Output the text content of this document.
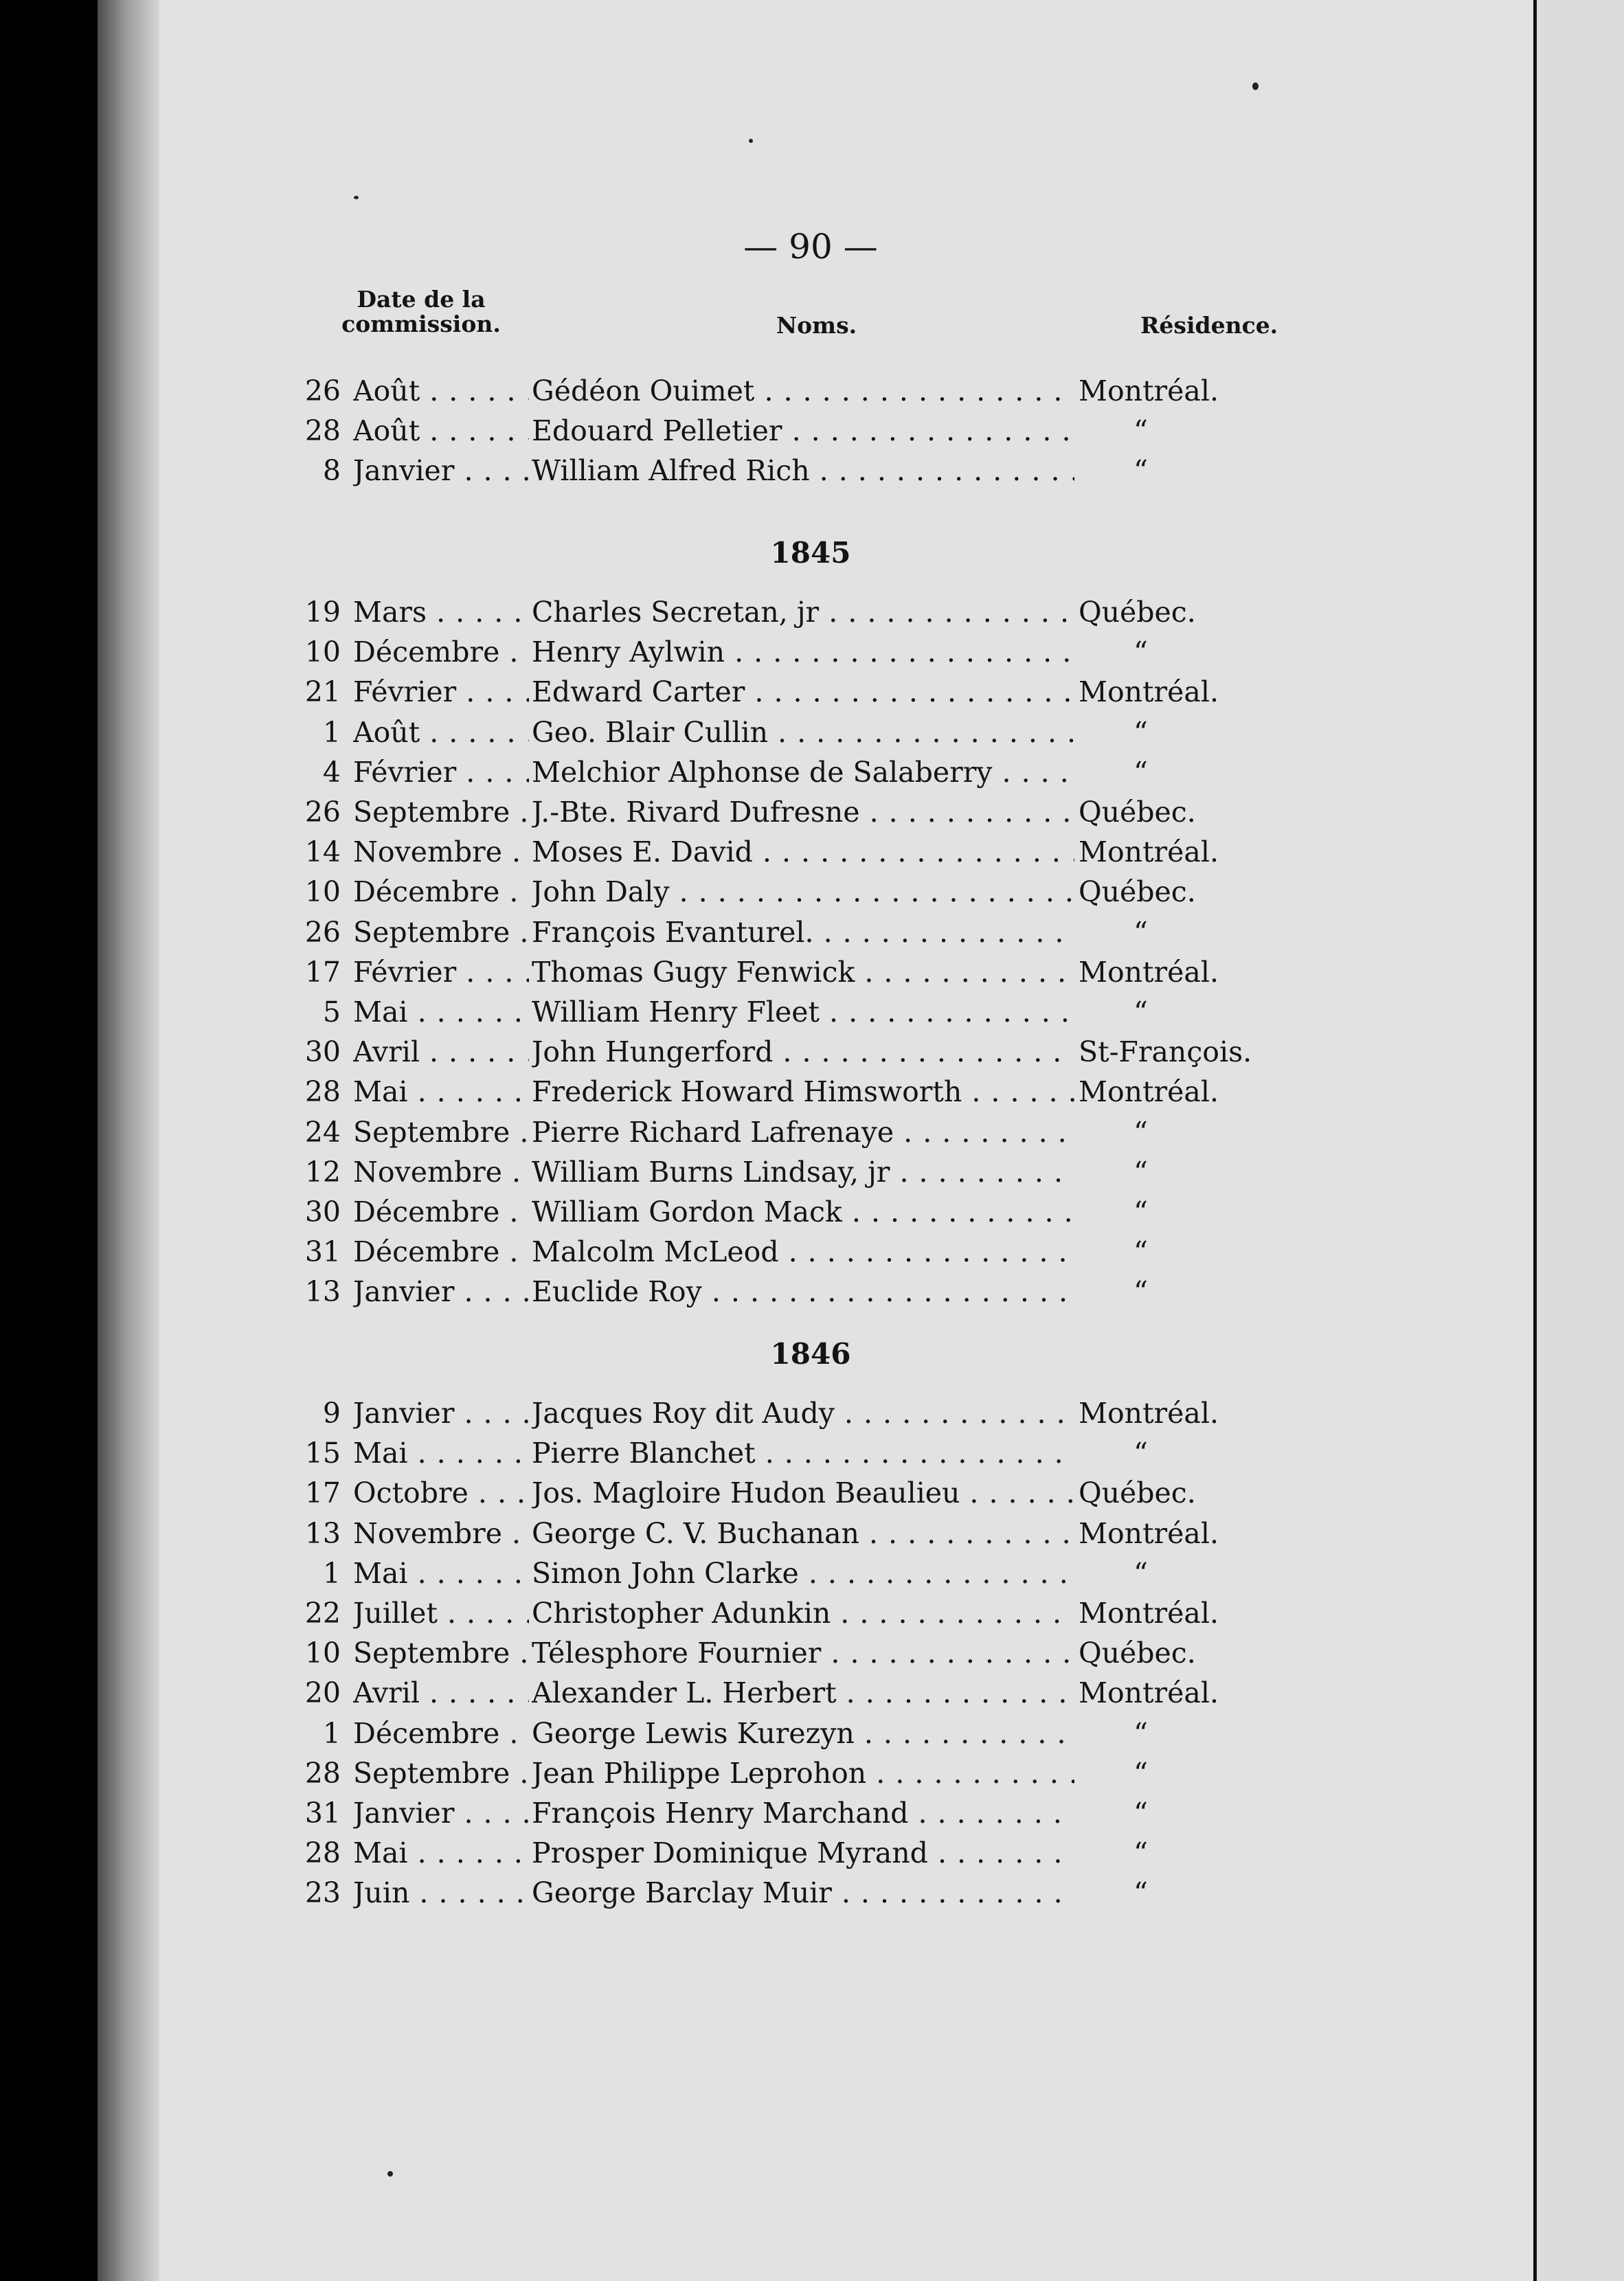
— 90 —
Date de la
commission.	Noms.	Résidence.
26 Août . . .	Gédéon Ouimet . . .	Montréal.
28 Août . . .	Edouard Pelletier . . .	“
8 Janvier . . .	William Alfred Rich . . .	“
1845
19 Mars . . .	Charles Secretan, jr . . .	Québec.
10 Décembre . . .	Henry Aylwin . . .	“
21 Février . . .	Edward Carter . . .	Montréal.
1 Août . . .	Geo. Blair Cullin . . .	“
4 Février . . .	Melchior Alphonse de Salaberry . . .	“
26 Septembre . . . J.-Bte. Rivard Dufresne . . .	Québec.
14 Novembre . . .	Moses E. David . . .	Montréal.
10 Décembre . . .	John Daly . . .	Québec.
26 Septembre . . . François Evanturel. . . .	“
17 Février . . .	Thomas Gugy Fenwick . . .	Montréal.
5 Mai . . .	William Henry Fleet . . .	“
30 Avril . . .	John Hungerford . . .	St-François.
28 Mai . . .	Frederick Howard Himsworth . . .	Montréal.
24 Septembre . . . Pierre Richard Lafrenaye . . .	“
12 Novembre . . .	William Burns Lindsay, jr . . .	“
30 Décembre . . .	William Gordon Mack . . .	“
31 Décembre . . .	Malcolm McLeod . . .	“
13 Janvier . . .	Euclide Roy . . .	“
1846
9 Janvier . . .	Jacques Roy dit Audy . . .	Montréal.
15 Mai . . .	Pierre Blanchet . . .	“
17 Octobre . . .	Jos. Magloire Hudon Beaulieu . . .	Québec.
13 Novembre . . .	George C. V. Buchanan . . .	Montréal.
1 Mai . . .	Simon John Clarke . . .	“
22 Juillet . . .	Christopher Adunkin . . .	Montréal.
10 Septembre . . . Télesphore Fournier . . .	Québec.
20 Avril . . .	Alexander L. Herbert . . .	Montréal.
1 Décembre . . .	George Lewis Kurezyn . . .	“
28 Septembre . . . Jean Philippe Leprohon . . .	“
31 Janvier . . .	François Henry Marchand . . .	“
28 Mai . . .	Prosper Dominique Myrand . . .	“
23 Juin . . .	George Barclay Muir . . .	“
